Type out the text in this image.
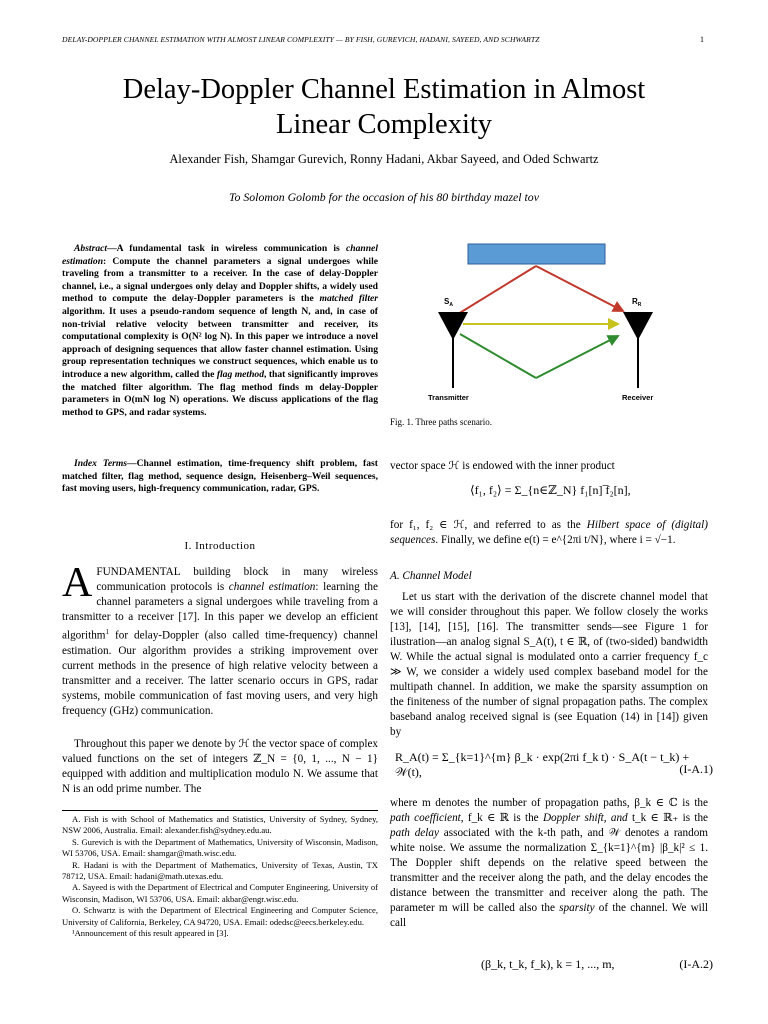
DELAY-DOPPLER CHANNEL ESTIMATION WITH ALMOST LINEAR COMPLEXITY — BY FISH, GUREVICH, HADANI, SAYEED, AND SCHWARTZ	1
Delay-Doppler Channel Estimation in Almost
Linear Complexity
Alexander Fish, Shamgar Gurevich, Ronny Hadani, Akbar Sayeed, and Oded Schwartz
To Solomon Golomb for the occasion of his 80 birthday mazel tov
Abstract—A fundamental task in wireless communication is channel estimation: Compute the channel parameters a signal undergoes while traveling from a transmitter to a receiver. In the case of delay-Doppler channel, i.e., a signal undergoes only delay and Doppler shifts, a widely used method to compute the delay-Doppler parameters is the matched filter algorithm. It uses a pseudo-random sequence of length N, and, in case of non-trivial relative velocity between transmitter and receiver, its computational complexity is O(N² log N). In this paper we introduce a novel approach of designing sequences that allow faster channel estimation. Using group representation techniques we construct sequences, which enable us to introduce a new algorithm, called the flag method, that significantly improves the matched filter algorithm. The flag method finds m delay-Doppler parameters in O(mN log N) operations. We discuss applications of the flag method to GPS, and radar systems.
Index Terms—Channel estimation, time-frequency shift problem, fast matched filter, flag method, sequence design, Heisenberg–Weil sequences, fast moving users, high-frequency communication, radar, GPS.
I. Introduction
A FUNDAMENTAL building block in many wireless communication protocols is channel estimation: learning the channel parameters a signal undergoes while traveling from a transmitter to a receiver [17]. In this paper we develop an efficient algorithm$^1$ for delay-Doppler (also called time-frequency) channel estimation. Our algorithm provides a striking improvement over current methods in the presence of high relative velocity between a transmitter and a receiver. The latter scenario occurs in GPS, radar systems, mobile communication of fast moving users, and very high frequency (GHz) communication.
Throughout this paper we denote by ℋ the vector space of complex valued functions on the set of integers ℤ_N = {0, 1, ..., N − 1} equipped with addition and multiplication modulo N. We assume that N is an odd prime number. The

A. Fish is with School of Mathematics and Statistics, University of Sydney, Sydney, NSW 2006, Australia. Email: alexander.fish@sydney.edu.au.

S. Gurevich is with the Department of Mathematics, University of Wisconsin, Madison, WI 53706, USA. Email: shamgar@math.wisc.edu.

R. Hadani is with the Department of Mathematics, University of Texas, Austin, TX 78712, USA. Email: hadani@math.utexas.edu.

A. Sayeed is with the Department of Electrical and Computer Engineering, University of Wisconsin, Madison, WI 53706, USA. Email: akbar@engr.wisc.edu.

O. Schwartz is with the Department of Electrical Engineering and Computer Science, University of California, Berkeley, CA 94720, USA. Email: odedsc@eecs.berkeley.edu.

¹Announcement of this result appeared in [3].

$S_A$	$R_R$
Transmitter	Receiver
Fig. 1. Three paths scenario.
vector space ℋ is endowed with the inner product
⟨f₁, f₂⟩ = Σ_{n∈ℤ_N} f₁[n] ̅f₂[n],
for f₁, f₂ ∈ ℋ, and referred to as the Hilbert space of (digital) sequences. Finally, we define e(t) = e^{2πi t/N}, where i = √−1.
A. Channel Model
Let us start with the derivation of the discrete channel model that we will consider throughout this paper. We follow closely the works [13], [14], [15], [16]. The transmitter sends—see Figure 1 for ilustration—an analog signal S_A(t), t ∈ ℝ, of (two-sided) bandwidth W. While the actual signal is modulated onto a carrier frequency f_c ≫ W, we consider a widely used complex baseband model for the multipath channel. In addition, we make the sparsity assumption on the finiteness of the number of signal propagation paths. The complex baseband analog received signal is (see Equation (14) in [14]) given by
R_A(t) = Σ_{k=1}^{m} β_k · exp(2πi f_k t) · S_A(t − t_k) + 𝒲(t),	(I-A.1)
where m denotes the number of propagation paths, β_k ∈ ℂ is the path coefficient, f_k ∈ ℝ is the Doppler shift, and t_k ∈ ℝ₊ is the path delay associated with the k-th path, and 𝒲 denotes a random white noise. We assume the normalization Σ_{k=1}^{m} |β_k|² ≤ 1. The Doppler shift depends on the relative speed between the transmitter and the receiver along the path, and the delay encodes the distance between the transmitter and receiver along the path. The parameter m will be called also the sparsity of the channel. We will call
(β_k, t_k, f_k), k = 1, ..., m,	(I-A.2)
